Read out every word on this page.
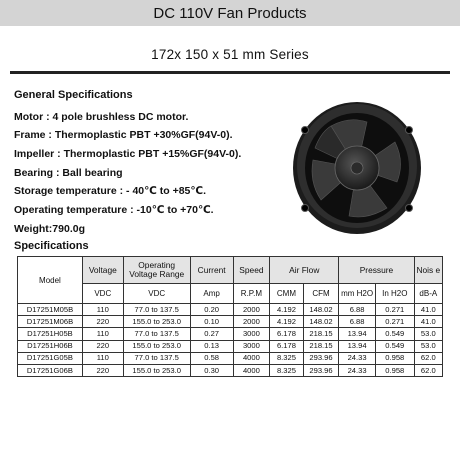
DC 110V Fan Products
172x 150 x 51 mm Series
General Specifications
Motor : 4 pole brushless DC motor.
Frame : Thermoplastic PBT +30%GF(94V-0).
Impeller : Thermoplastic PBT +15%GF(94V-0).
Bearing : Ball bearing
Storage temperature : - 40℃ to +85℃.
Operating temperature : -10℃ to +70℃.
Weight:790.0g
Specifications
Model	Voltage	Operating Voltage Range	Current	Speed	Air Flow		Pressure		Nois e
	VDC	VDC	Amp	R.P.M	CMM	CFM	mm H2O	In H2O	dB-A
D17251M05B	110	77.0 to 137.5	0.20	2000	4.192	148.02	6.88	0.271	41.0
D17251M06B	220	155.0 to 253.0	0.10	2000	4.192	148.02	6.88	0.271	41.0
D17251H05B	110	77.0 to 137.5	0.27	3000	6.178	218.15	13.94	0.549	53.0
D17251H06B	220	155.0 to 253.0	0.13	3000	6.178	218.15	13.94	0.549	53.0
D17251G05B	110	77.0 to 137.5	0.58	4000	8.325	293.96	24.33	0.958	62.0
D17251G06B	220	155.0 to 253.0	0.30	4000	8.325	293.96	24.33	0.958	62.0
